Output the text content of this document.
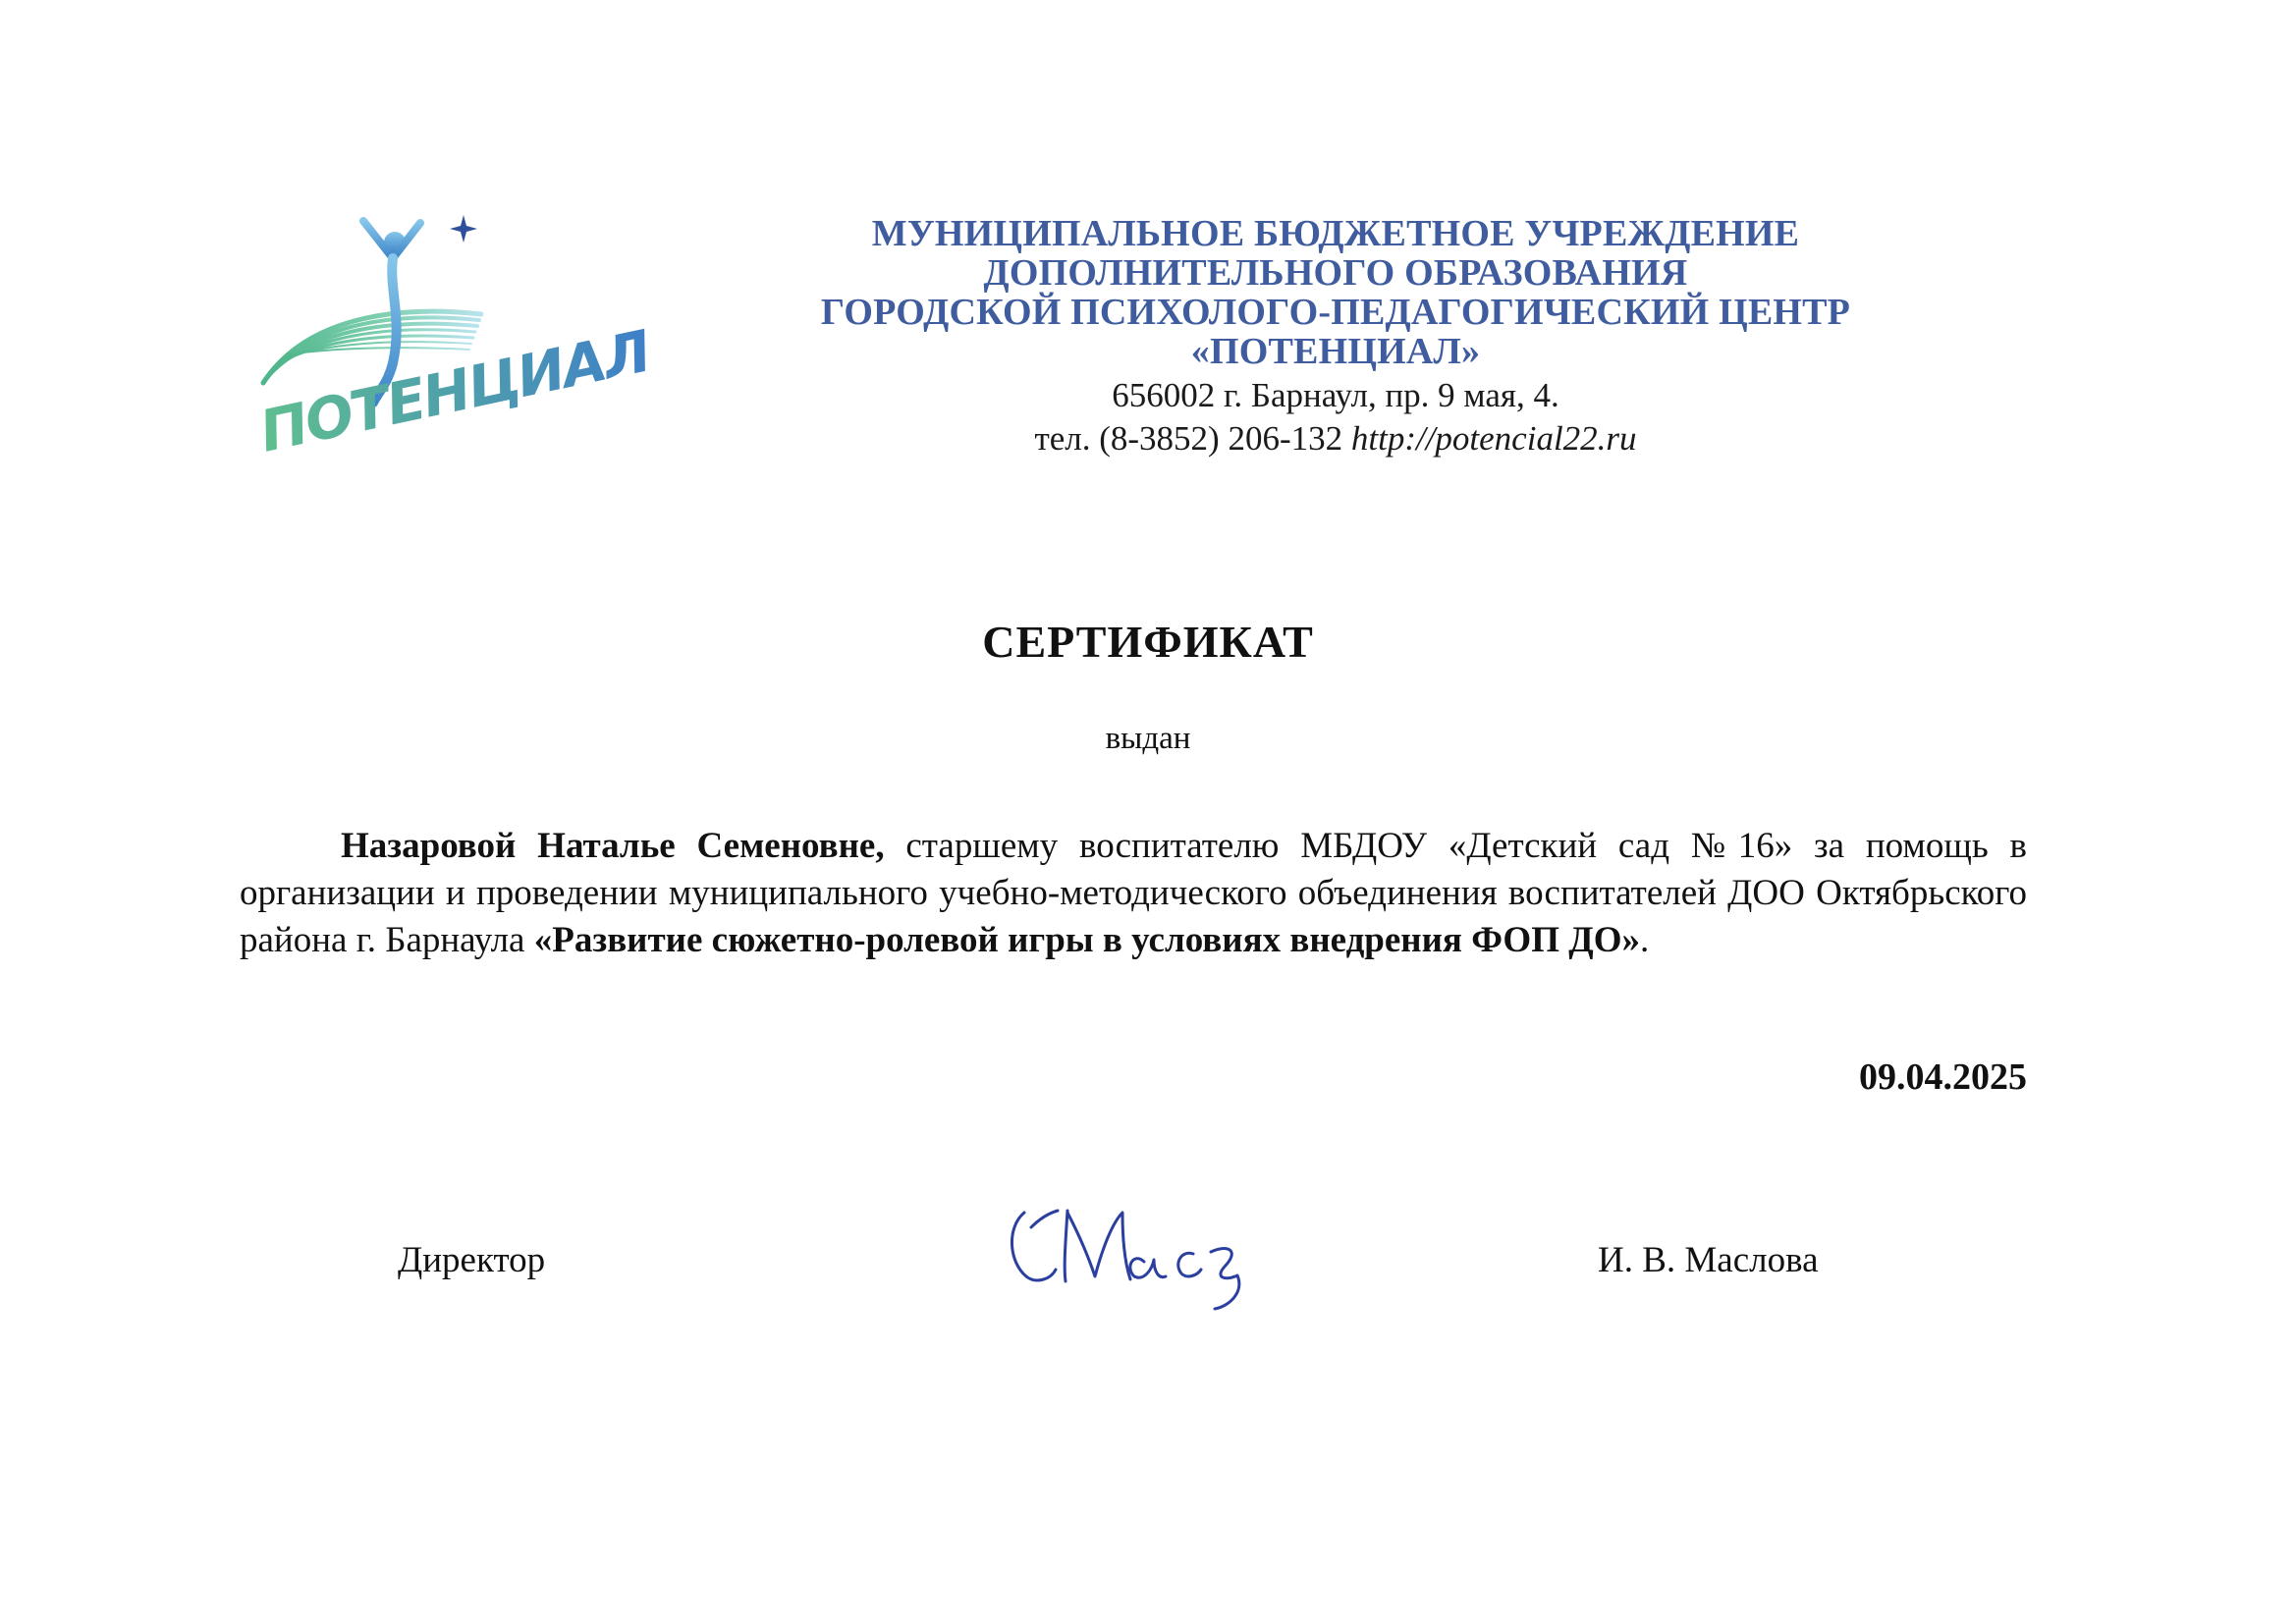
ПОТЕНЦИАЛ
МУНИЦИПАЛЬНОЕ БЮДЖЕТНОЕ УЧРЕЖДЕНИЕ
ДОПОЛНИТЕЛЬНОГО ОБРАЗОВАНИЯ
ГОРОДСКОЙ ПСИХОЛОГО-ПЕДАГОГИЧЕСКИЙ ЦЕНТР
«ПОТЕНЦИАЛ»
656002 г. Барнаул, пр. 9 мая, 4.
тел. (8-3852) 206-132 http://potencial22.ru
СЕРТИФИКАТ
выдан
Назаровой Наталье Семеновне, старшему воспитателю МБДОУ «Детский сад №16» за помощь в организации и проведении муниципального учебно-методического объединения воспитателей ДОО Октябрьского района г. Барнаула «Развитие сюжетно-ролевой игры в условиях внедрения ФОП ДО».
09.04.2025
Директор	И. В. Маслова
